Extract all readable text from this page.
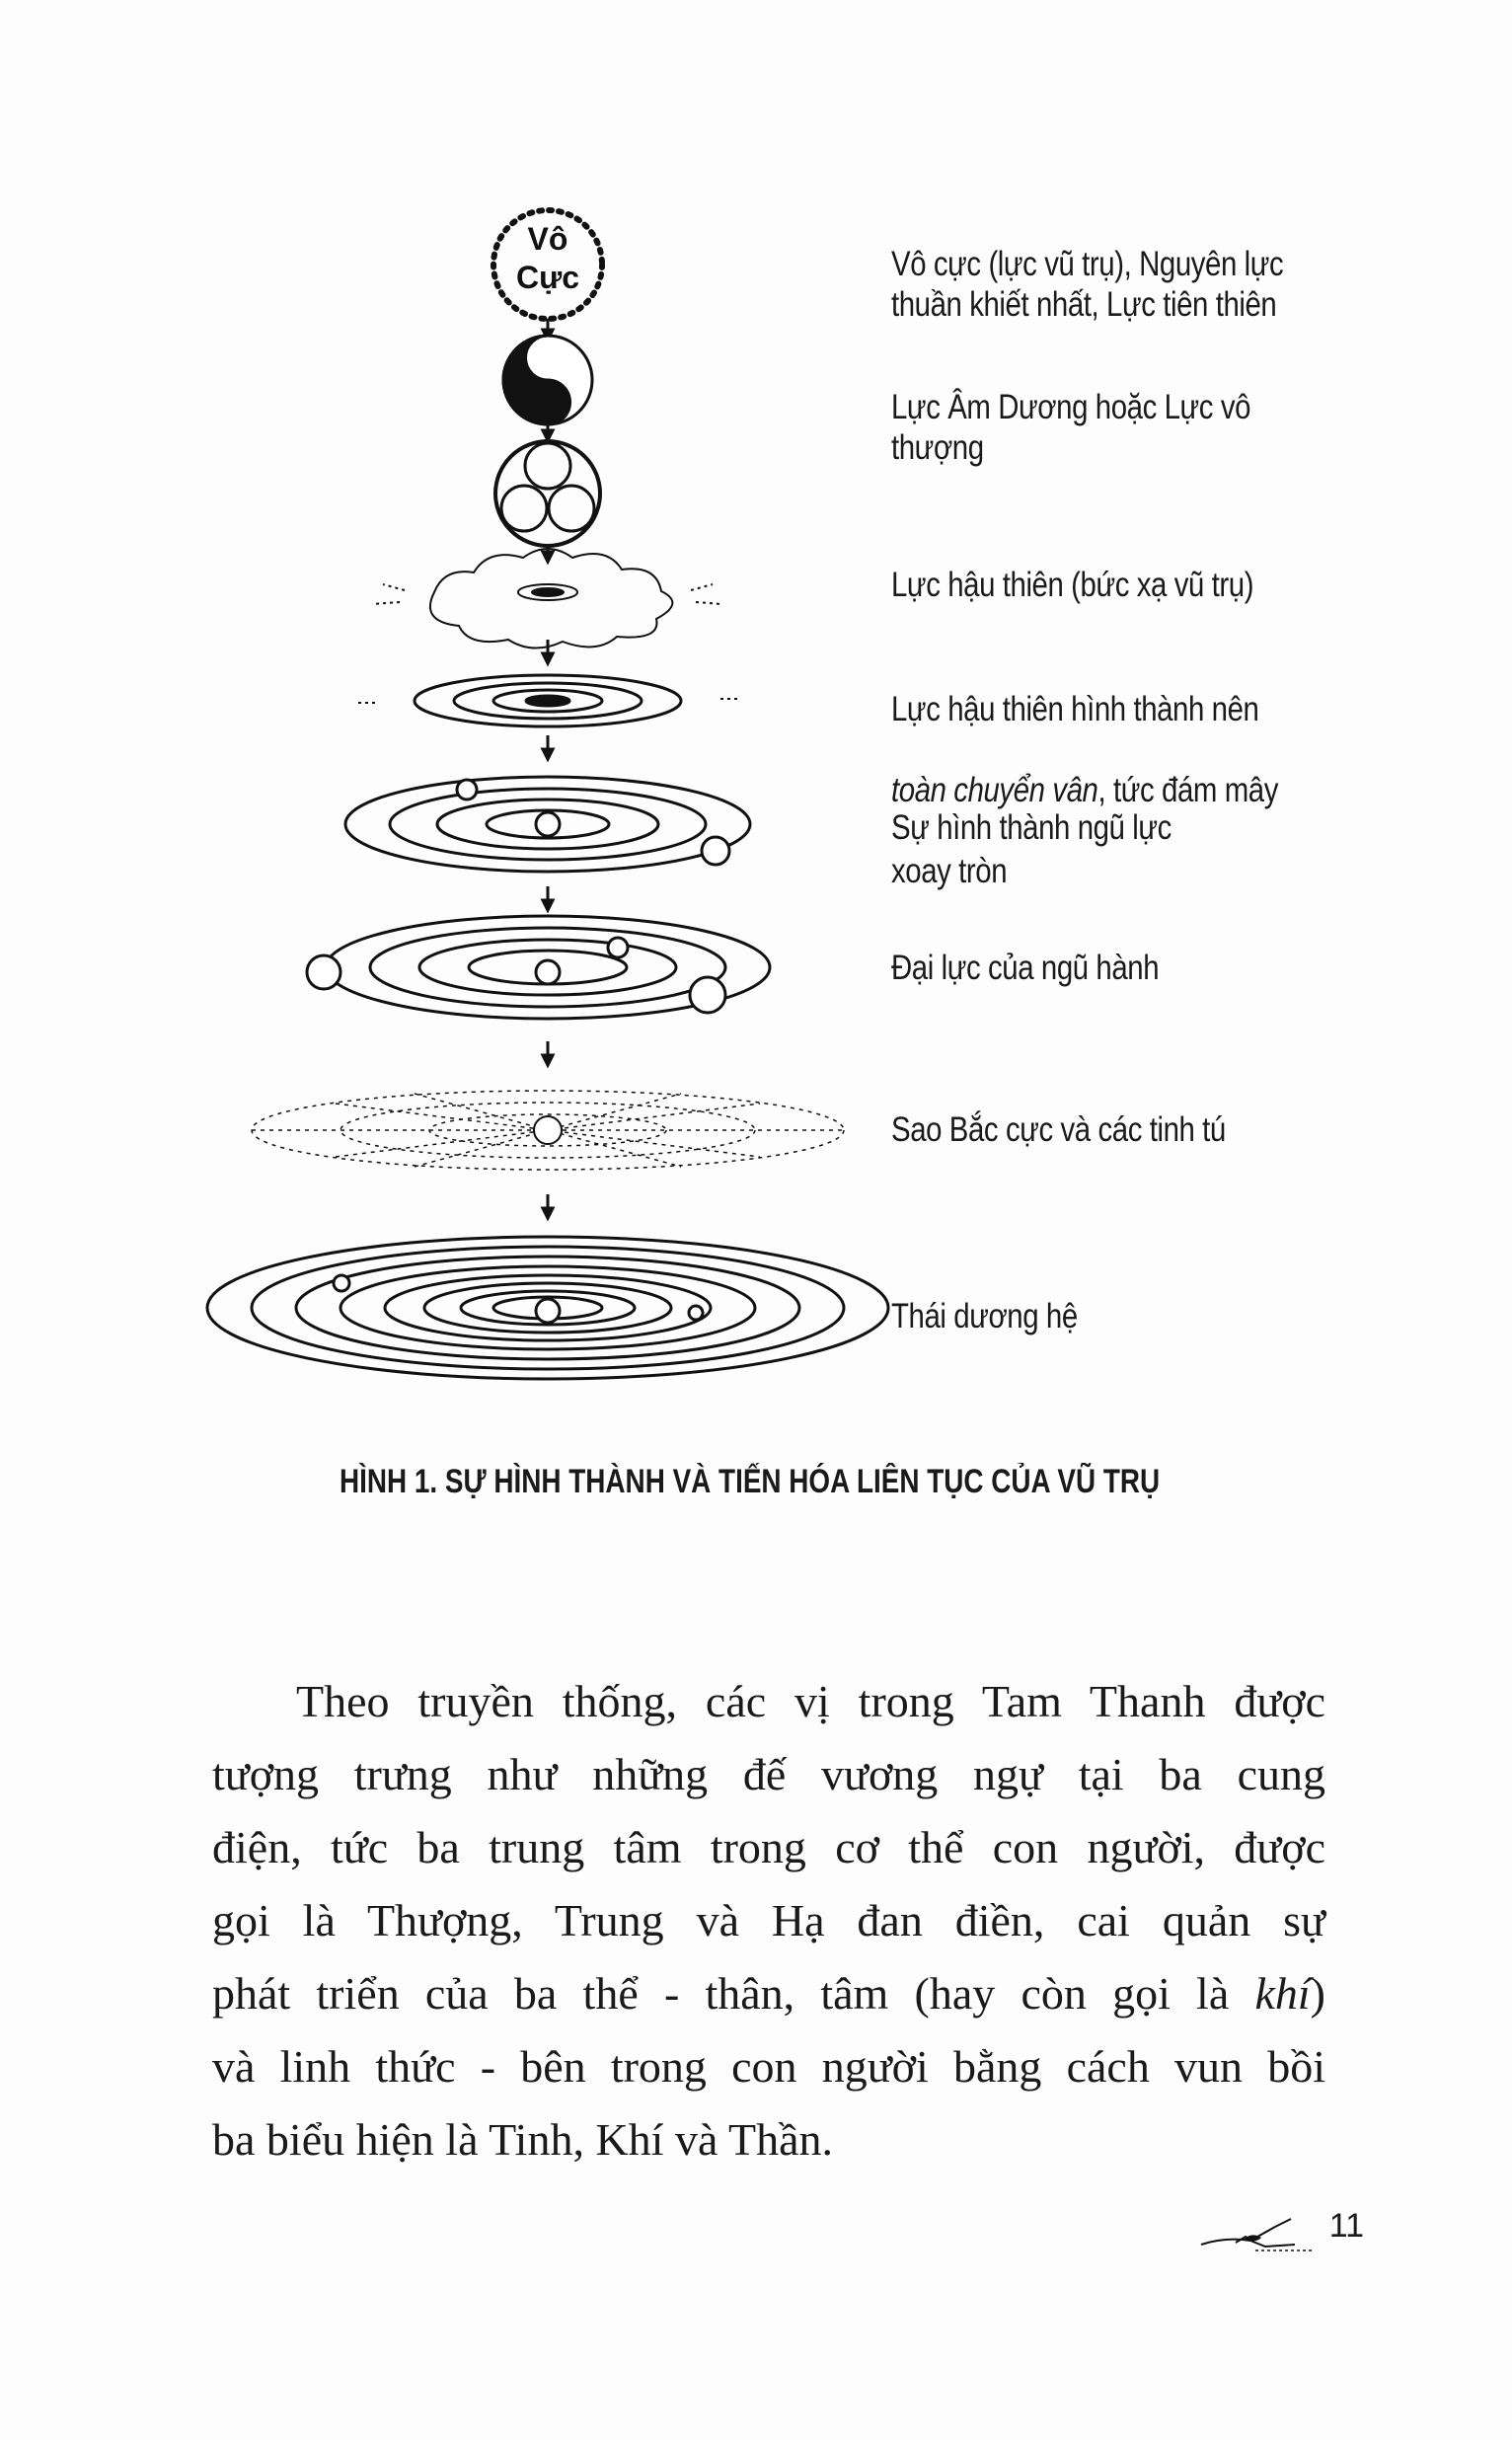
Vô
Cực	Vô cực (lực vũ trụ), Nguyên lực
thuần khiết nhất, Lực tiên thiên
Lực Âm Dương hoặc Lực vô
thượng
Lực hậu thiên (bức xạ vũ trụ)

Lực hậu thiên hình thành nên

toàn chuyển vân, tức đám mây

xoay tròn

Sự hình thành ngũ lực
Đại lực của ngũ hành
Sao Bắc cực và các tinh tú
Thái dương hệ
HÌNH 1. SỰ HÌNH THÀNH VÀ TIẾN HÓA LIÊN TỤC CỦA VŨ TRỤ
Theo truyền thống, các vị trong Tam Thanh được
tượng trưng như những đế vương ngự tại ba cung
điện, tức ba trung tâm trong cơ thể con người, được
gọi là Thượng, Trung và Hạ đan điền, cai quản sự
phát triển của ba thể - thân, tâm (hay còn gọi là khí)
và linh thức - bên trong con người bằng cách vun bồi
ba biểu hiện là Tinh, Khí và Thần.
11
